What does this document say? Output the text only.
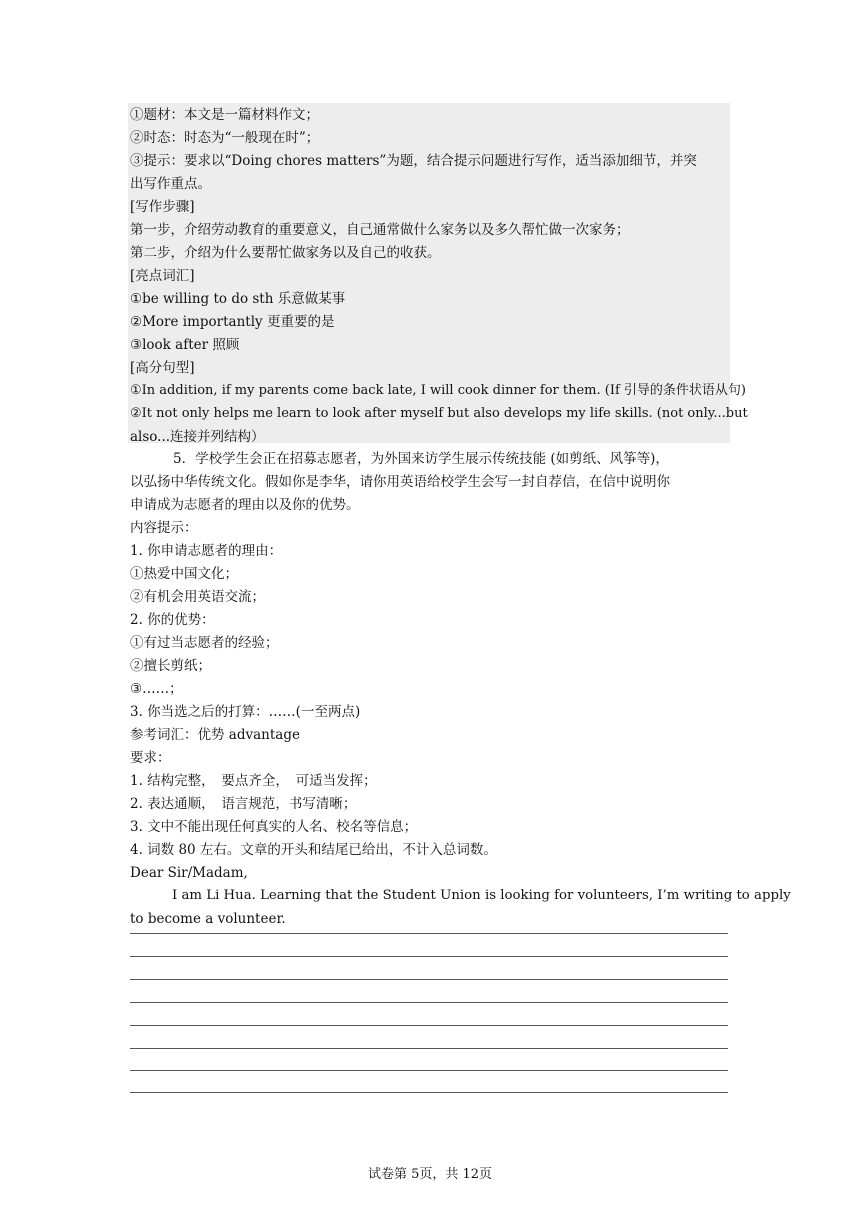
①题材：本文是一篇材料作文；
②时态：时态为“一般现在时”；
③提示：要求以“Doing chores matters”为题，结合提示问题进行写作，适当添加细节，并突
出写作重点。
[写作步骤]
第一步，介绍劳动教育的重要意义，自己通常做什么家务以及多久帮忙做一次家务；
第二步，介绍为什么要帮忙做家务以及自己的收获。
[亮点词汇]
①be willing to do sth 乐意做某事
②More importantly 更重要的是
③look after 照顾
[高分句型]
①In addition, if my parents come back late, I will cook dinner for them. (If 引导的条件状语从句)
②It not only helps me learn to look after myself but also develops my life skills. (not only...but
also...连接并列结构）
5．学校学生会正在招募志愿者，为外国来访学生展示传统技能 (如剪纸、风筝等)，
以弘扬中华传统文化。假如你是李华，请你用英语给校学生会写一封自荐信，在信中说明你
申请成为志愿者的理由以及你的优势。
内容提示：
1. 你申请志愿者的理由：
①热爱中国文化；
②有机会用英语交流；
2. 你的优势：
①有过当志愿者的经验；
②擅长剪纸；
③……；
3. 你当选之后的打算：……(一至两点)
参考词汇：优势 advantage
要求：
1. 结构完整，　要点齐全，　可适当发挥；
2. 表达通顺，　语言规范，书写清晰；
3. 文中不能出现任何真实的人名、校名等信息；
4. 词数 80 左右。文章的开头和结尾已给出，不计入总词数。
Dear Sir/Madam,
I am Li Hua. Learning that the Student Union is looking for volunteers, I’m writing to apply
to become a volunteer.
试卷第 5页，共 12页
